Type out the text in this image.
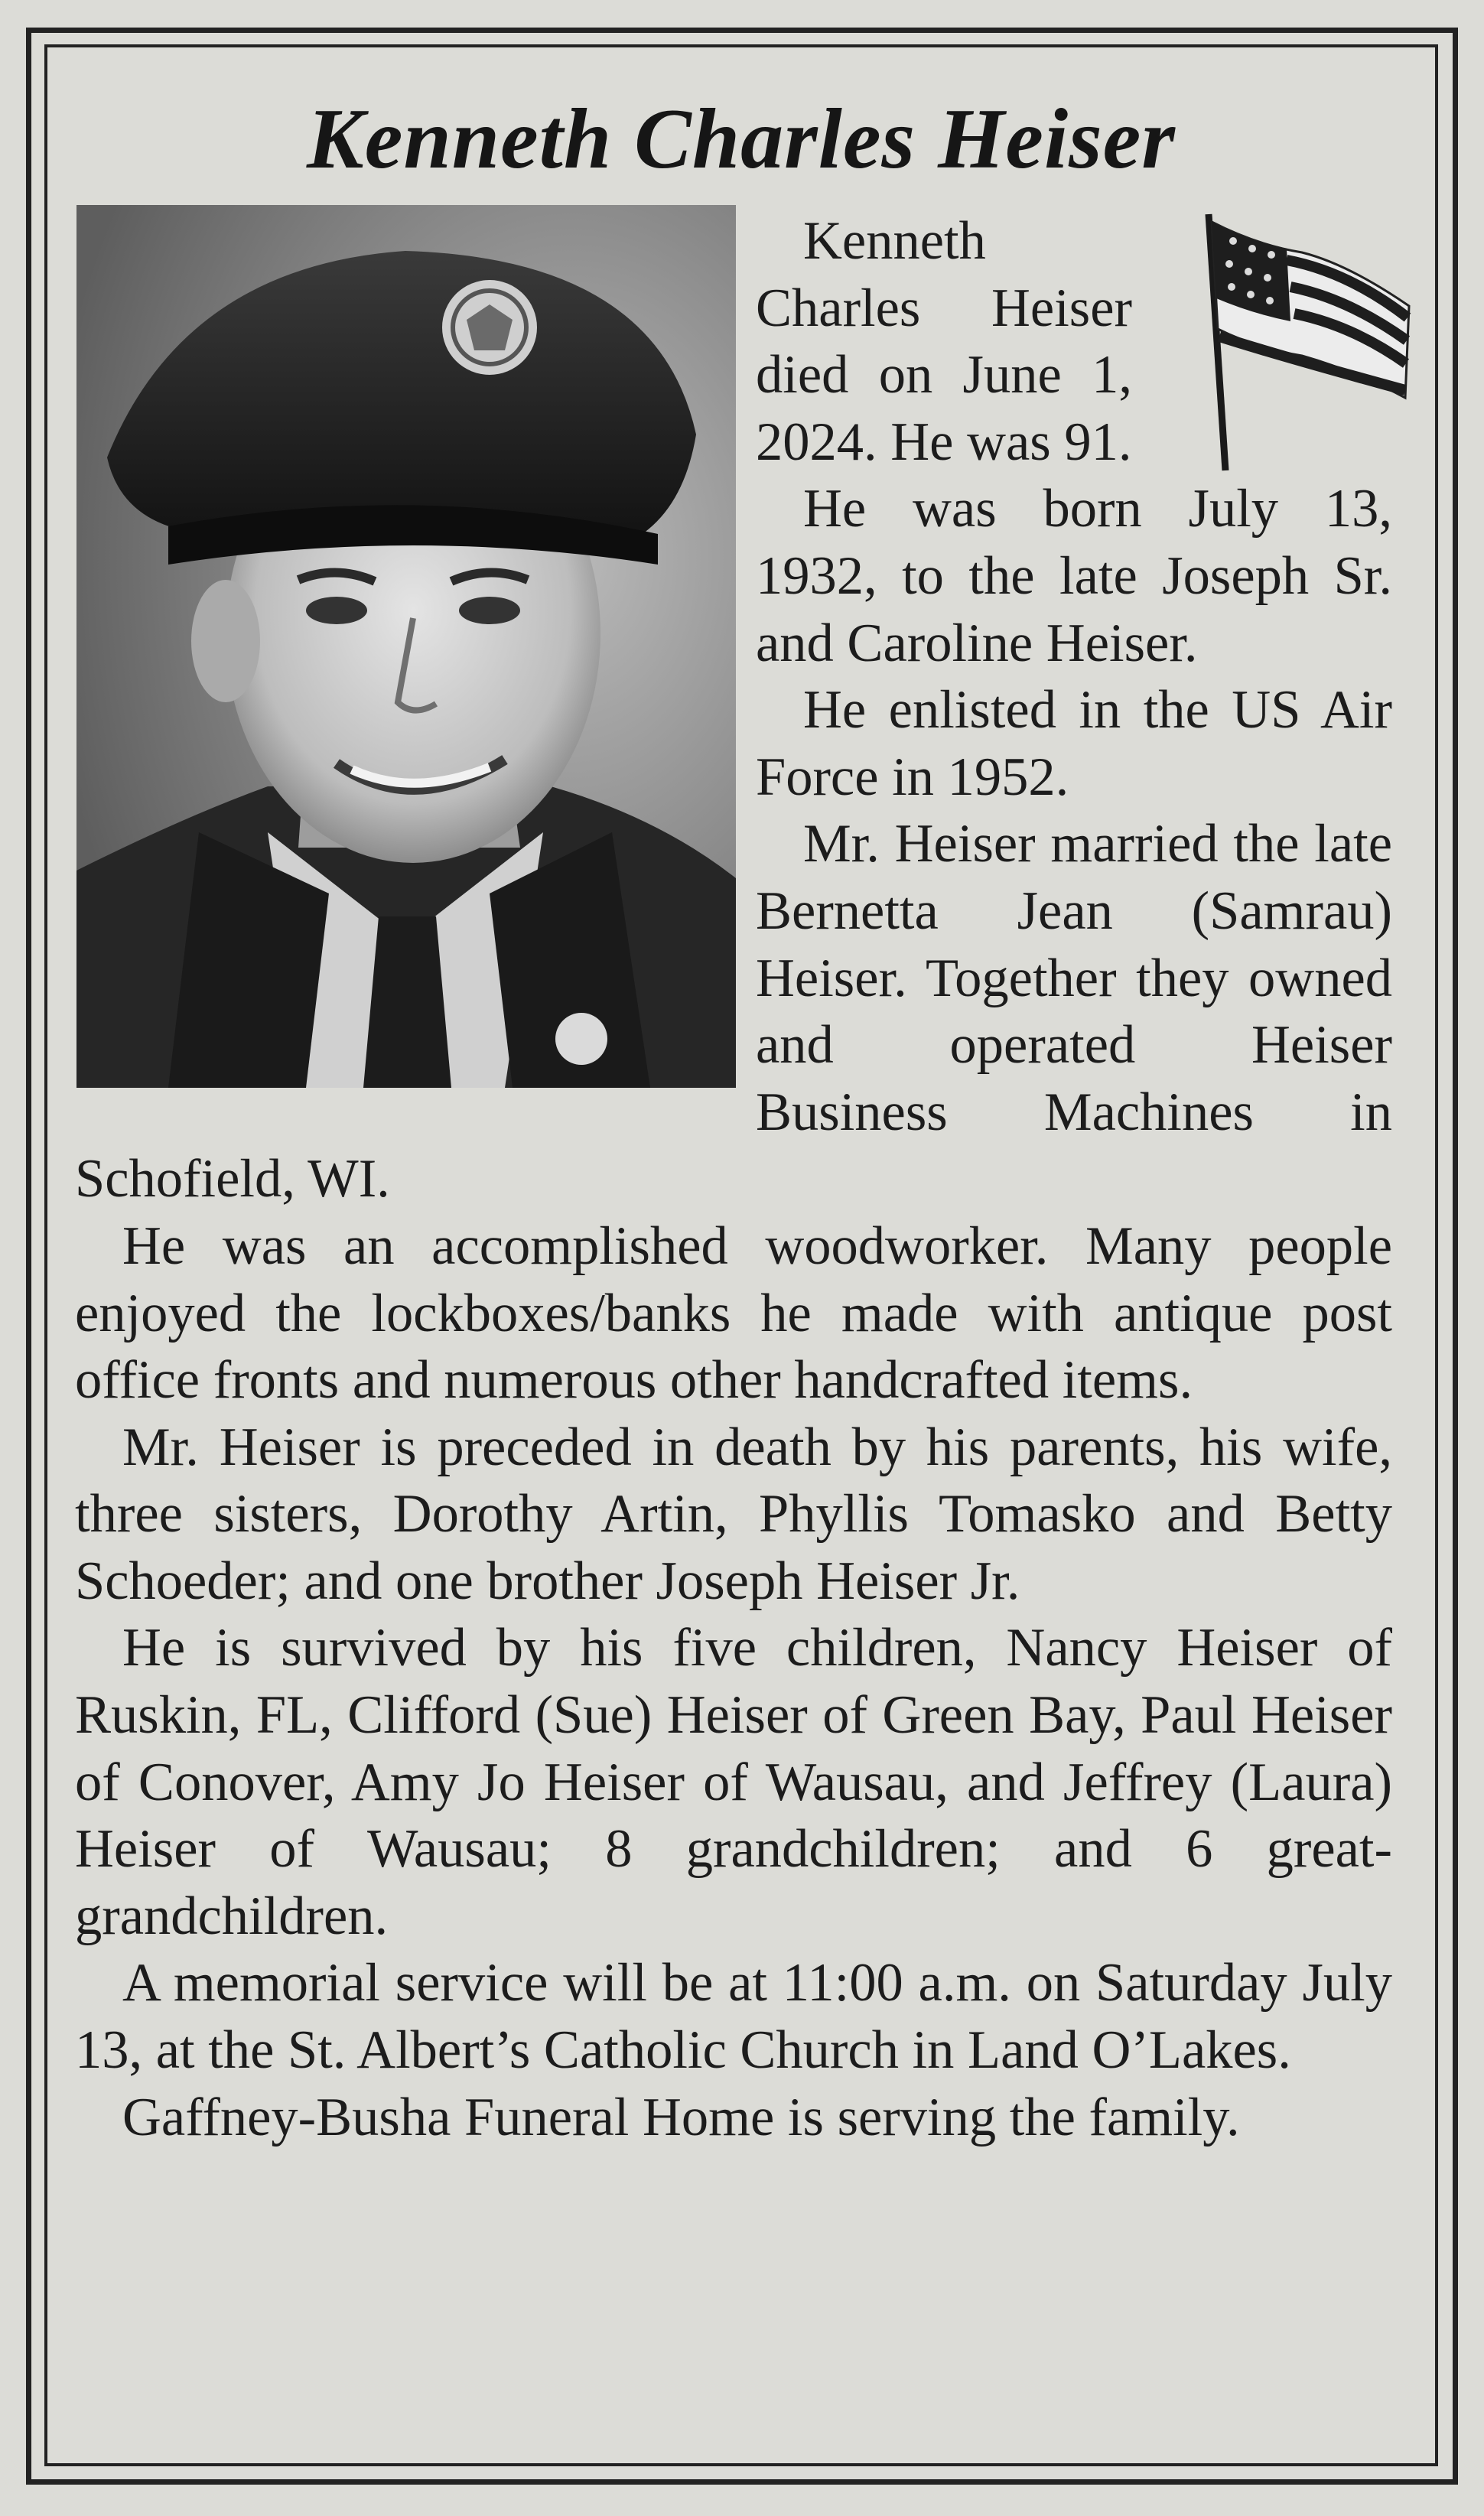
Kenneth Charles Heiser

Kenneth Charles Heiser died on June 1, 2024. He was 91.

He was born July 13, 1932, to the late Joseph Sr. and Caroline Heiser.

He enlisted in the US Air Force in 1952.

Mr. Heiser married the late Bernetta Jean (Samrau) Heiser. Together they owned and operated Heiser Business Machines in Schofield, WI.

He was an accomplished woodworker. Many people enjoyed the lockboxes/banks he made with antique post office fronts and numerous other handcrafted items.

Mr. Heiser is preceded in death by his parents, his wife, three sisters, Dorothy Artin, Phyllis Tomasko and Betty Schoeder; and one brother Joseph Heiser Jr.

He is survived by his five children, Nancy Heiser of Ruskin, FL, Clifford (Sue) Heiser of Green Bay, Paul Heiser of Conover, Amy Jo Heiser of Wausau, and Jeffrey (Laura) Heiser of Wausau; 8 grandchildren; and 6 great- grandchildren.

A memorial service will be at 11:00 a.m. on Saturday July 13, at the St. Albert’s Catholic Church in Land O’Lakes.

Gaffney-Busha Funeral Home is serving the family.
